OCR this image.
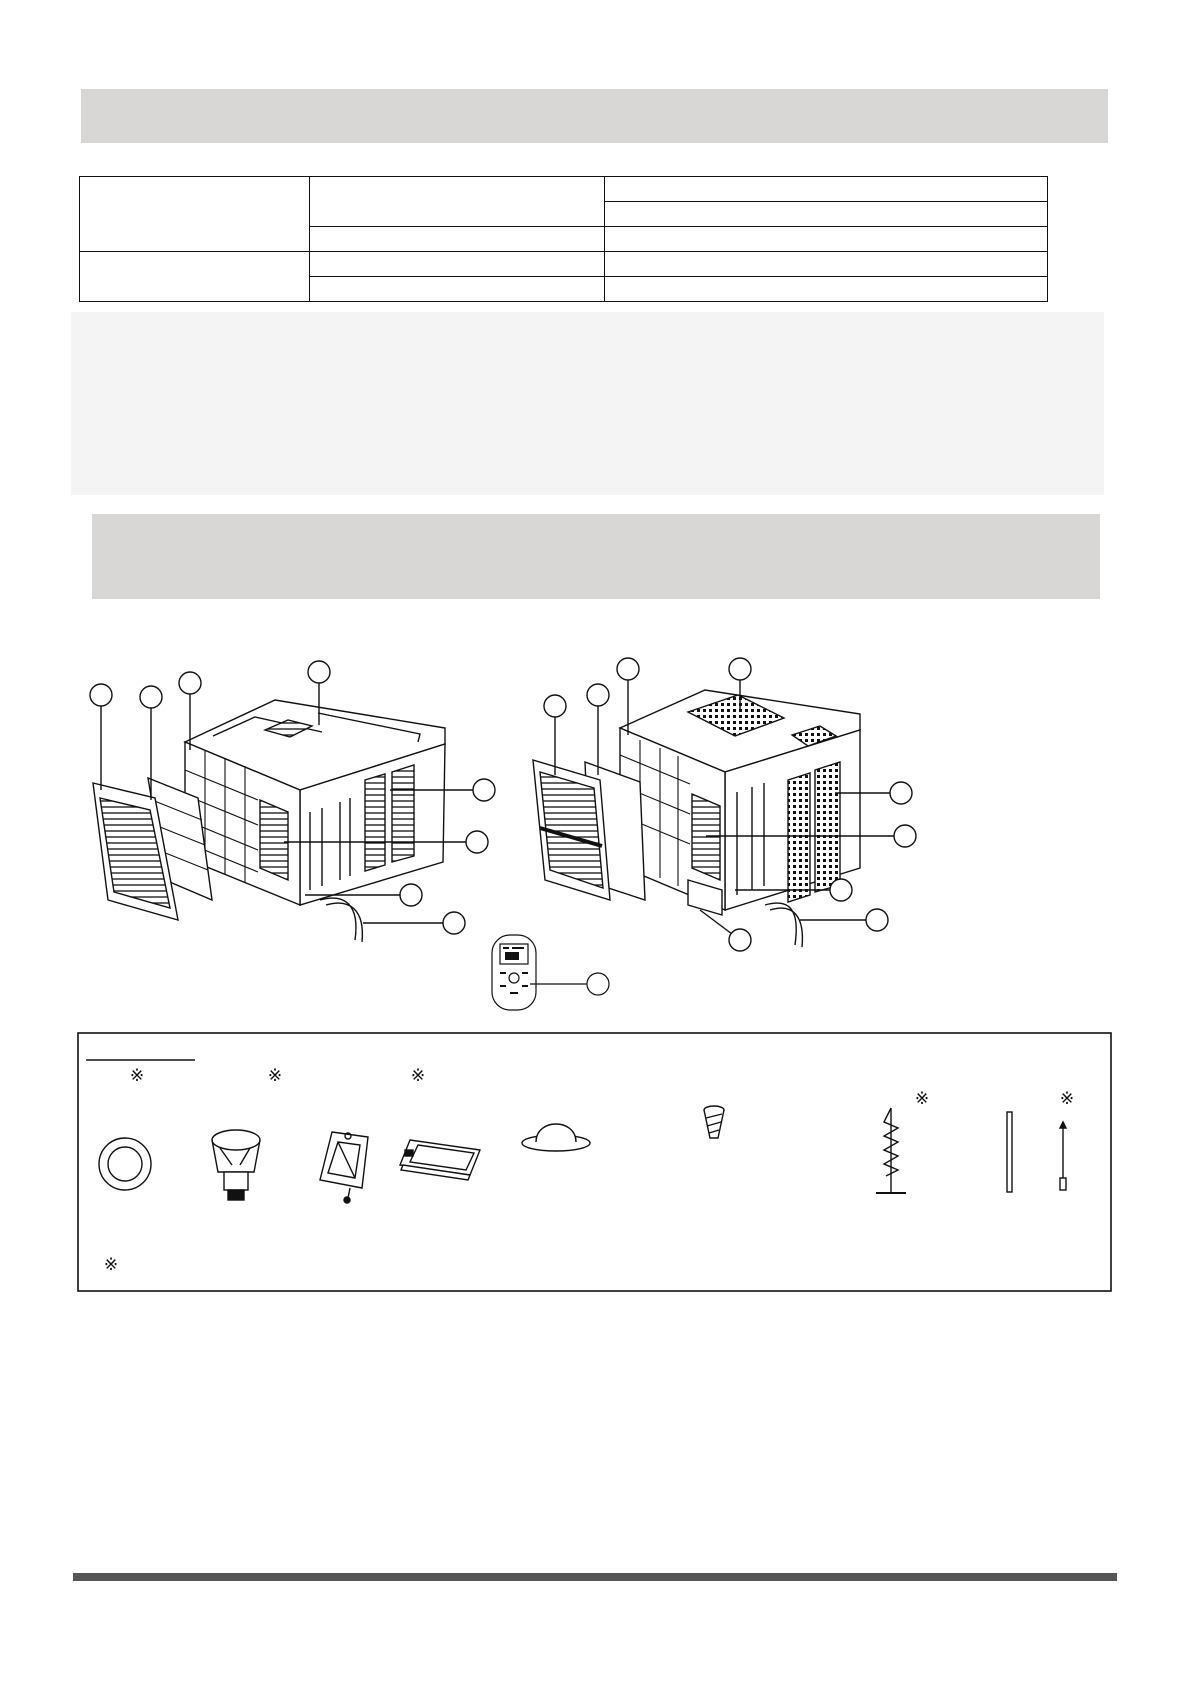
※	※	※
※	※
※
